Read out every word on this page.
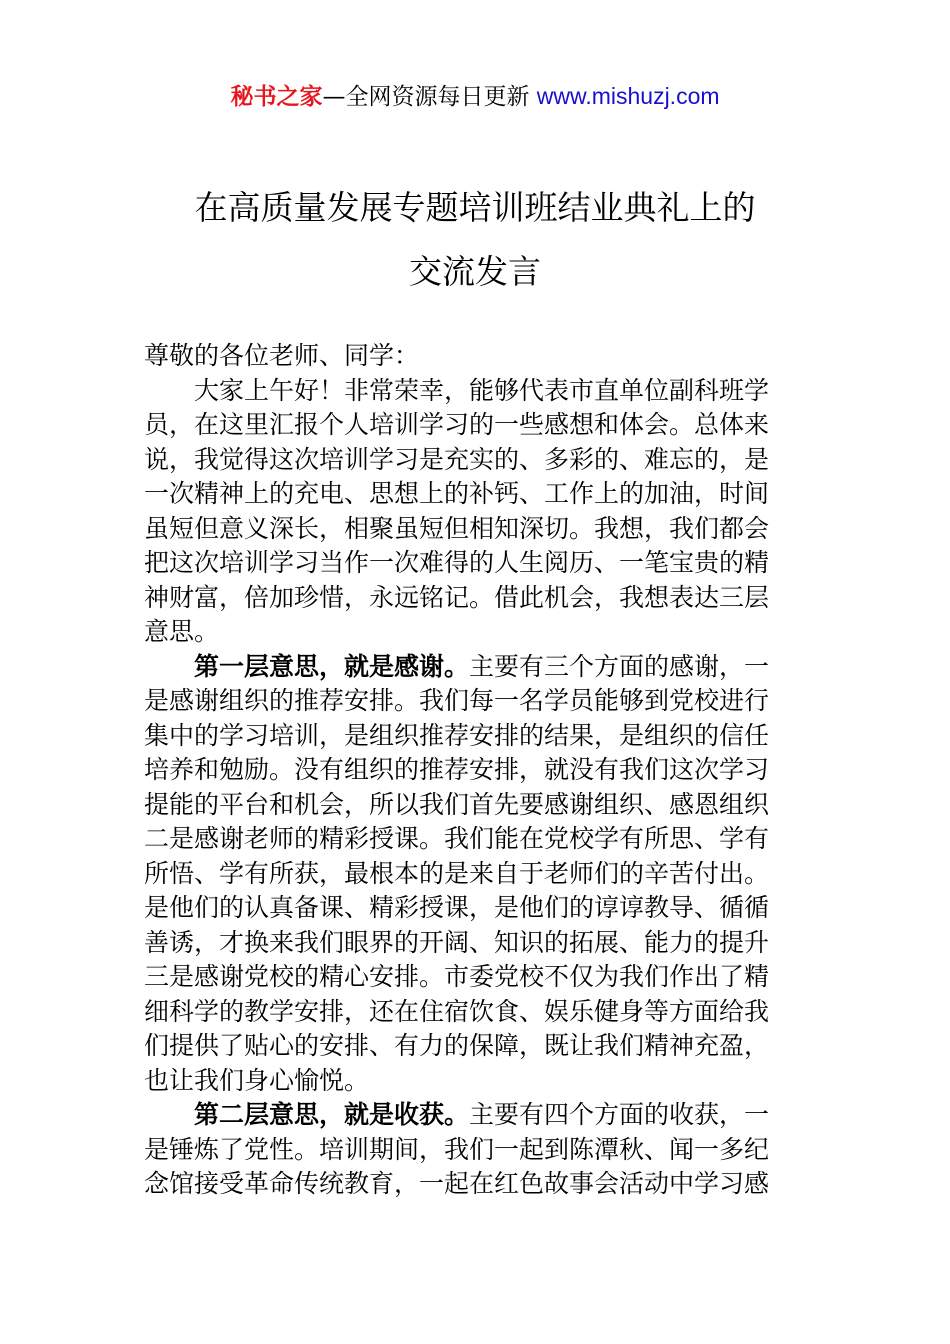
秘书之家—全网资源每日更新 www.mishuzj.com
在高质量发展专题培训班结业典礼上的
交流发言
尊敬的各位老师、同学：
大家上午好！非常荣幸，能够代表市直单位副科班学
员，在这里汇报个人培训学习的一些感想和体会。总体来
说，我觉得这次培训学习是充实的、多彩的、难忘的，是
一次精神上的充电、思想上的补钙、工作上的加油，时间
虽短但意义深长，相聚虽短但相知深切。我想，我们都会
把这次培训学习当作一次难得的人生阅历、一笔宝贵的精
神财富，倍加珍惜，永远铭记。借此机会，我想表达三层
意思。
第一层意思，就是感谢。主要有三个方面的感谢，一
是感谢组织的推荐安排。我们每一名学员能够到党校进行
集中的学习培训，是组织推荐安排的结果，是组织的信任
培养和勉励。没有组织的推荐安排，就没有我们这次学习
提能的平台和机会，所以我们首先要感谢组织、感恩组织
二是感谢老师的精彩授课。我们能在党校学有所思、学有
所悟、学有所获，最根本的是来自于老师们的辛苦付出。
是他们的认真备课、精彩授课，是他们的谆谆教导、循循
善诱，才换来我们眼界的开阔、知识的拓展、能力的提升
三是感谢党校的精心安排。市委党校不仅为我们作出了精
细科学的教学安排，还在住宿饮食、娱乐健身等方面给我
们提供了贴心的安排、有力的保障，既让我们精神充盈，
也让我们身心愉悦。
第二层意思，就是收获。主要有四个方面的收获，一
是锤炼了党性。培训期间，我们一起到陈潭秋、闻一多纪
念馆接受革命传统教育，一起在红色故事会活动中学习感
